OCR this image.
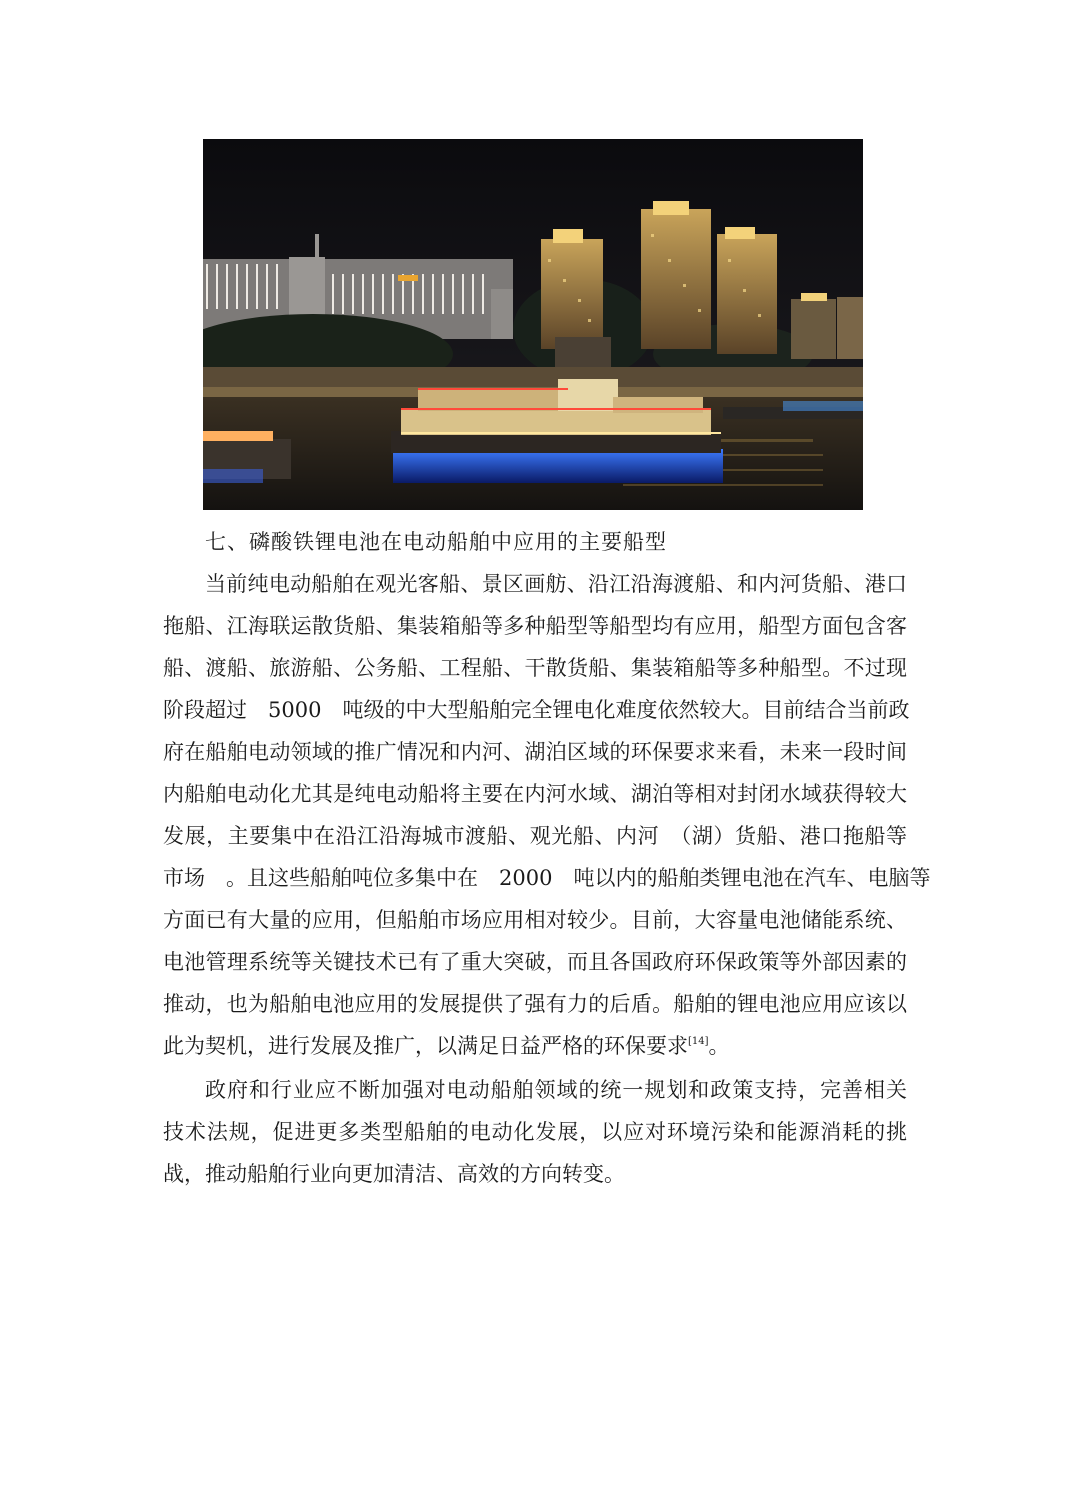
七、磷酸铁锂电池在电动船舶中应用的主要船型
当前纯电动船舶在观光客船、景区画舫、沿江沿海渡船、和内河货船、港口
拖船、江海联运散货船、集装箱船等多种船型等船型均有应用，船型方面包含客
船、渡船、旅游船、公务船、工程船、干散货船、集装箱船等多种船型。不过现
阶段超过　5000　吨级的中大型船舶完全锂电化难度依然较大。目前结合当前政
府在船舶电动领域的推广情况和内河、湖泊区域的环保要求来看，未来一段时间
内船舶电动化尤其是纯电动船将主要在内河水域、湖泊等相对封闭水域获得较大
发展，主要集中在沿江沿海城市渡船、观光船、内河　（湖）货船、港口拖船等
市场　。且这些船舶吨位多集中在　2000　吨以内的船舶类锂电池在汽车、电脑等
方面已有大量的应用，但船舶市场应用相对较少。目前，大容量电池储能系统、
电池管理系统等关键技术已有了重大突破，而且各国政府环保政策等外部因素的
推动，也为船舶电池应用的发展提供了强有力的后盾。船舶的锂电池应用应该以
此为契机，进行发展及推广，以满足日益严格的环保要求[14]。
政府和行业应不断加强对电动船舶领域的统一规划和政策支持，完善相关
技术法规，促进更多类型船舶的电动化发展，以应对环境污染和能源消耗的挑
战，推动船舶行业向更加清洁、高效的方向转变。
